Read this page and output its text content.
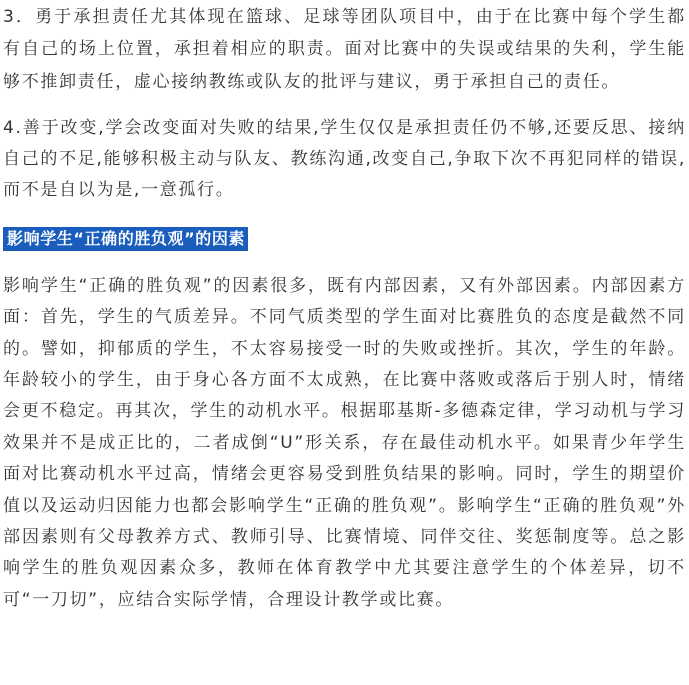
3．勇于承担责任尤其体现在篮球、足球等团队项目中，由于在比赛中每个学生都有自己的场上位置，承担着相应的职责。面对比赛中的失误或结果的失利，学生能够不推卸责任，虚心接纳教练或队友的批评与建议，勇于承担自己的责任。

4.善于改变,学会改变面对失败的结果,学生仅仅是承担责任仍不够,还要反思、接纳自己的不足,能够积极主动与队友、教练沟通,改变自己,争取下次不再犯同样的错误,而不是自以为是,一意孤行。

影响学生“正确的胜负观”的因素

影响学生“正确的胜负观”的因素很多，既有内部因素，又有外部因素。内部因素方面：首先，学生的气质差异。不同气质类型的学生面对比赛胜负的态度是截然不同的。譬如，抑郁质的学生，不太容易接受一时的失败或挫折。其次，学生的年龄。年龄较小的学生，由于身心各方面不太成熟，在比赛中落败或落后于别人时，情绪会更不稳定。再其次，学生的动机水平。根据耶基斯-多德森定律，学习动机与学习效果并不是成正比的，二者成倒“U”形关系，存在最佳动机水平。如果青少年学生面对比赛动机水平过高，情绪会更容易受到胜负结果的影响。同时，学生的期望价值以及运动归因能力也都会影响学生“正确的胜负观”。影响学生“正确的胜负观”外部因素则有父母教养方式、教师引导、比赛情境、同伴交往、奖惩制度等。总之影响学生的胜负观因素众多，教师在体育教学中尤其要注意学生的个体差异，切不可“一刀切”，应结合实际学情，合理设计教学或比赛。
